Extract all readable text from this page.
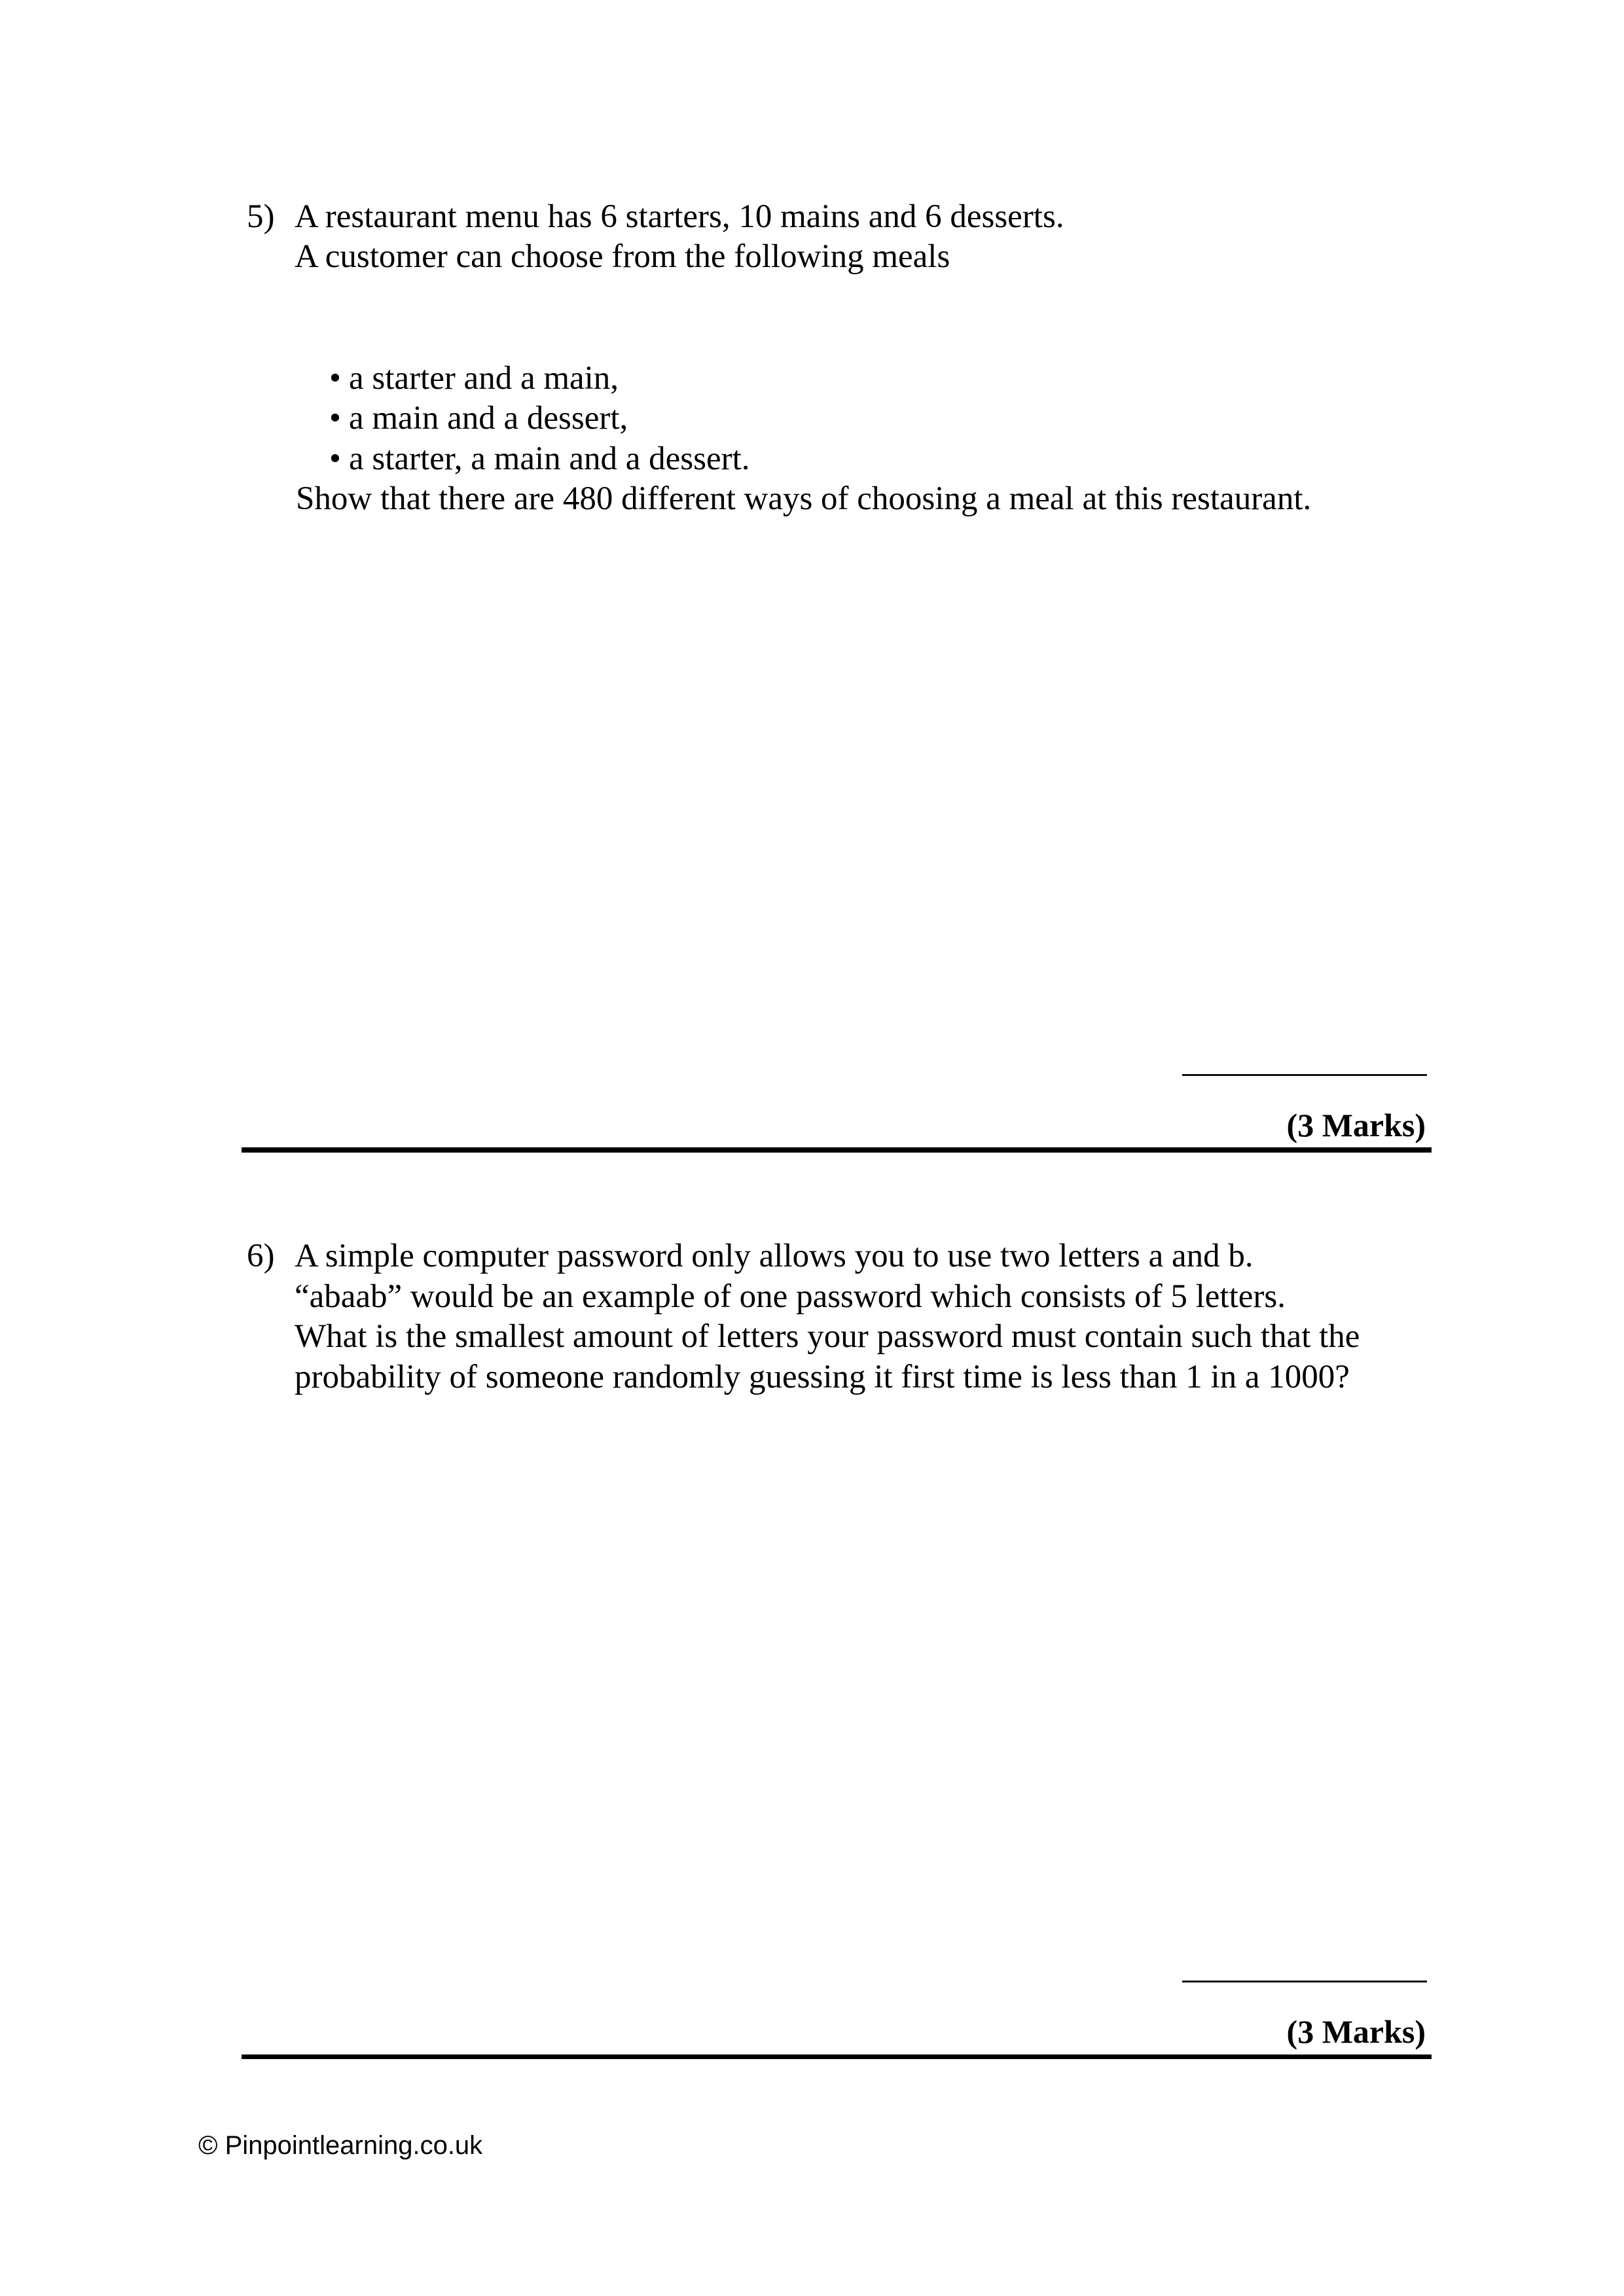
5) A restaurant menu has 6 starters, 10 mains and 6 desserts.
A customer can choose from the following meals

• a starter and a main,

• a main and a dessert,

• a starter, a main and a dessert.

Show that there are 480 different ways of choosing a meal at this restaurant.
(3 Marks)
6) A simple computer password only allows you to use two letters a and b.
“abaab” would be an example of one password which consists of 5 letters.
What is the smallest amount of letters your password must contain such that the
probability of someone randomly guessing it first time is less than 1 in a 1000?
(3 Marks)
© Pinpointlearning.co.uk
